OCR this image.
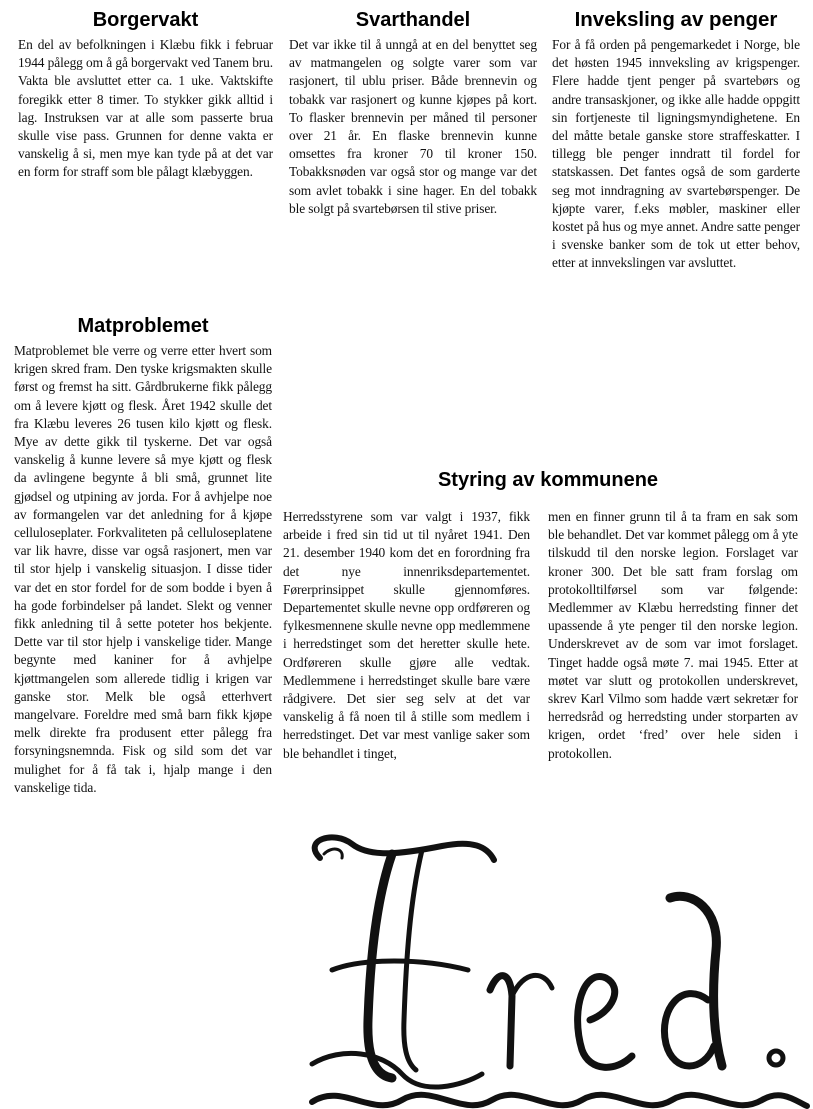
Borgervakt

En del av befolkningen i Klæbu fikk i februar 1944 pålegg om å gå borgervakt ved Tanem bru. Vakta ble avsluttet etter ca. 1 uke. Vaktskifte foregikk etter 8 timer. To stykker gikk alltid i lag. Instruksen var at alle som passerte brua skulle vise pass. Grunnen for denne vakta er vanskelig å si, men mye kan tyde på at det var en form for straff som ble pålagt klæbyggen.

Svarthandel

Det var ikke til å unngå at en del benyttet seg av matmangelen og solgte varer som var rasjonert, til ublu priser. Både brennevin og tobakk var rasjonert og kunne kjøpes på kort. To flasker brennevin per måned til personer over 21 år. En flaske brennevin kunne omsettes fra kroner 70 til kroner 150. Tobakksnøden var også stor og mange var det som avlet tobakk i sine hager. En del tobakk ble solgt på svartebørsen til stive priser.

Inveksling av penger

For å få orden på pengemarkedet i Norge, ble det høsten 1945 innveksling av krigspenger. Flere hadde tjent penger på svartebørs og andre transaskjoner, og ikke alle hadde oppgitt sin fortjeneste til ligningsmyndighetene. En del måtte betale ganske store straffeskatter. I tillegg ble penger inndratt til fordel for statskassen. Det fantes også de som garderte seg mot inndragning av svartebørspenger. De kjøpte varer, f.eks møbler, maskiner eller kostet på hus og mye annet. Andre satte penger i svenske banker som de tok ut etter behov, etter at innvekslingen var avsluttet.

Matproblemet

Matproblemet ble verre og verre etter hvert som krigen skred fram. Den tyske krigsmakten skulle først og fremst ha sitt. Gårdbrukerne fikk pålegg om å levere kjøtt og flesk. Året 1942 skulle det fra Klæbu leveres 26 tusen kilo kjøtt og flesk. Mye av dette gikk til tyskerne. Det var også vanskelig å kunne levere så mye kjøtt og flesk da avlingene begynte å bli små, grunnet lite gjødsel og utpining av jorda. For å avhjelpe noe av formangelen var det anledning for å kjøpe celluloseplater. Forkvaliteten på celluloseplatene var lik havre, disse var også rasjonert, men var til stor hjelp i vanskelig situasjon. I disse tider var det en stor fordel for de som bodde i byen å ha gode forbindelser på landet. Slekt og venner fikk anledning til å sette poteter hos bekjente. Dette var til stor hjelp i vanskelige tider. Mange begynte med kaniner for å avhjelpe kjøttmangelen som allerede tidlig i krigen var ganske stor. Melk ble også etterhvert mangelvare. Foreldre med små barn fikk kjøpe melk direkte fra produsent etter pålegg fra forsyningsnemnda. Fisk og sild som det var mulighet for å få tak i, hjalp mange i den vanskelige tida.

Styring av kommunene

Herredsstyrene som var valgt i 1937, fikk arbeide i fred sin tid ut til nyåret 1941. Den 21. desember 1940 kom det en forordning fra det nye innenriksdepartementet. Førerprinsippet skulle gjennomføres. Departementet skulle nevne opp ordføreren og fylkesmennene skulle nevne opp medlemmene i herredstinget som det heretter skulle hete. Ordføreren skulle gjøre alle vedtak. Medlemmene i herredstinget skulle bare være rådgivere. Det sier seg selv at det var vanskelig å få noen til å stille som medlem i herredstinget. Det var mest vanlige saker som ble behandlet i tinget,

men en finner grunn til å ta fram en sak som ble behandlet. Det var kommet pålegg om å yte tilskudd til den norske legion. Forslaget var kroner 300. Det ble satt fram forslag om protokolltilførsel som var følgende: Medlemmer av Klæbu herredsting finner det upassende å yte penger til den norske legion. Underskrevet av de som var imot forslaget. Tinget hadde også møte 7. mai 1945. Etter at møtet var slutt og protokollen underskrevet, skrev Karl Vilmo som hadde vært sekretær for herredsråd og herredsting under storparten av krigen, ordet ‘fred’ over hele siden i protokollen.
